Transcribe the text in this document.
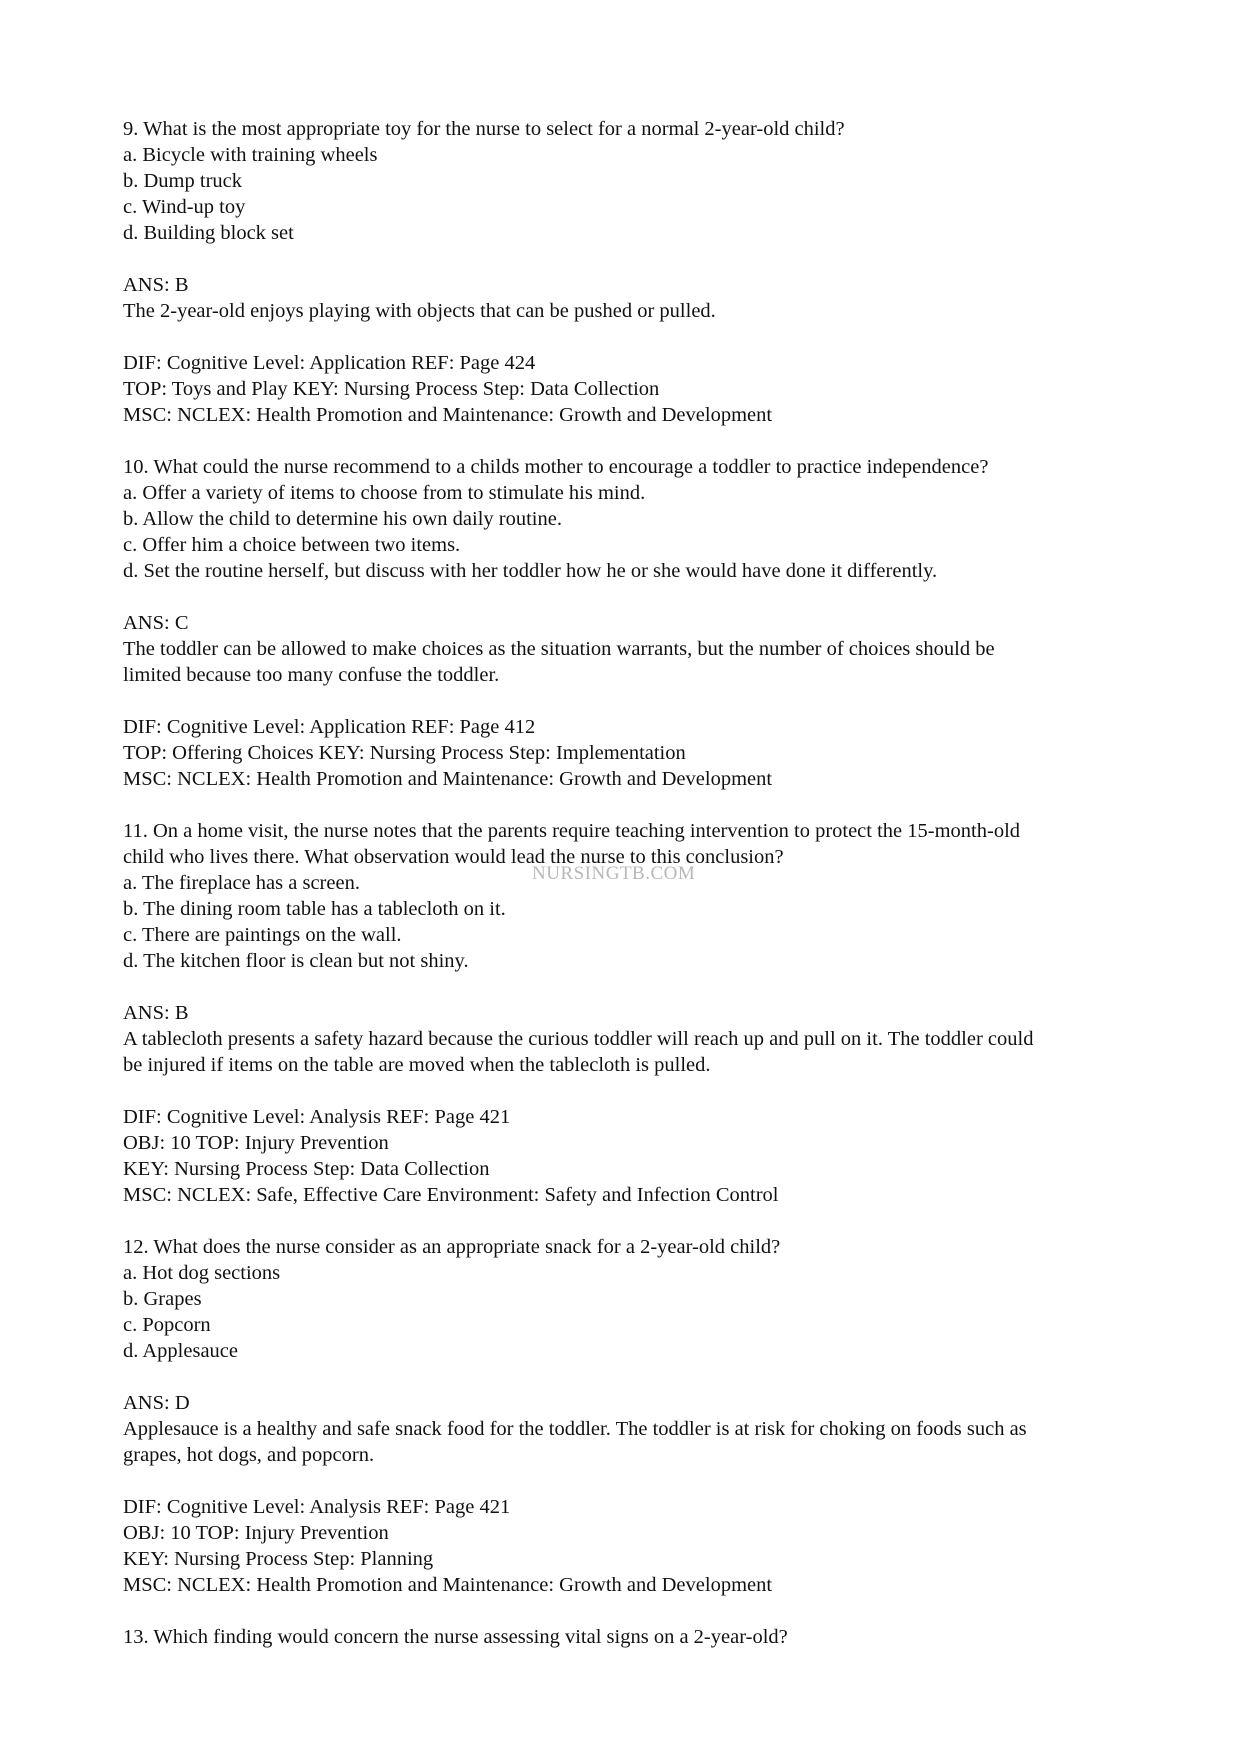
9. What is the most appropriate toy for the nurse to select for a normal 2-year-old child?
a. Bicycle with training wheels
b. Dump truck
c. Wind-up toy
d. Building block set
ANS: B
The 2-year-old enjoys playing with objects that can be pushed or pulled.
DIF: Cognitive Level: Application REF: Page 424
TOP: Toys and Play KEY: Nursing Process Step: Data Collection
MSC: NCLEX: Health Promotion and Maintenance: Growth and Development
10. What could the nurse recommend to a childs mother to encourage a toddler to practice independence?
a. Offer a variety of items to choose from to stimulate his mind.
b. Allow the child to determine his own daily routine.
c. Offer him a choice between two items.
d. Set the routine herself, but discuss with her toddler how he or she would have done it differently.
ANS: C
The toddler can be allowed to make choices as the situation warrants, but the number of choices should be
limited because too many confuse the toddler.
DIF: Cognitive Level: Application REF: Page 412
TOP: Offering Choices KEY: Nursing Process Step: Implementation
MSC: NCLEX: Health Promotion and Maintenance: Growth and Development
11. On a home visit, the nurse notes that the parents require teaching intervention to protect the 15-month-old
child who lives there. What observation would lead the nurse to this conclusion?
a. The fireplace has a screen.
b. The dining room table has a tablecloth on it.
c. There are paintings on the wall.
d. The kitchen floor is clean but not shiny.
ANS: B
A tablecloth presents a safety hazard because the curious toddler will reach up and pull on it. The toddler could
be injured if items on the table are moved when the tablecloth is pulled.
DIF: Cognitive Level: Analysis REF: Page 421
OBJ: 10 TOP: Injury Prevention
KEY: Nursing Process Step: Data Collection
MSC: NCLEX: Safe, Effective Care Environment: Safety and Infection Control
12. What does the nurse consider as an appropriate snack for a 2-year-old child?
a. Hot dog sections
b. Grapes
c. Popcorn
d. Applesauce
ANS: D
Applesauce is a healthy and safe snack food for the toddler. The toddler is at risk for choking on foods such as
grapes, hot dogs, and popcorn.
DIF: Cognitive Level: Analysis REF: Page 421
OBJ: 10 TOP: Injury Prevention
KEY: Nursing Process Step: Planning
MSC: NCLEX: Health Promotion and Maintenance: Growth and Development
13. Which finding would concern the nurse assessing vital signs on a 2-year-old?
NURSINGTB.COM
